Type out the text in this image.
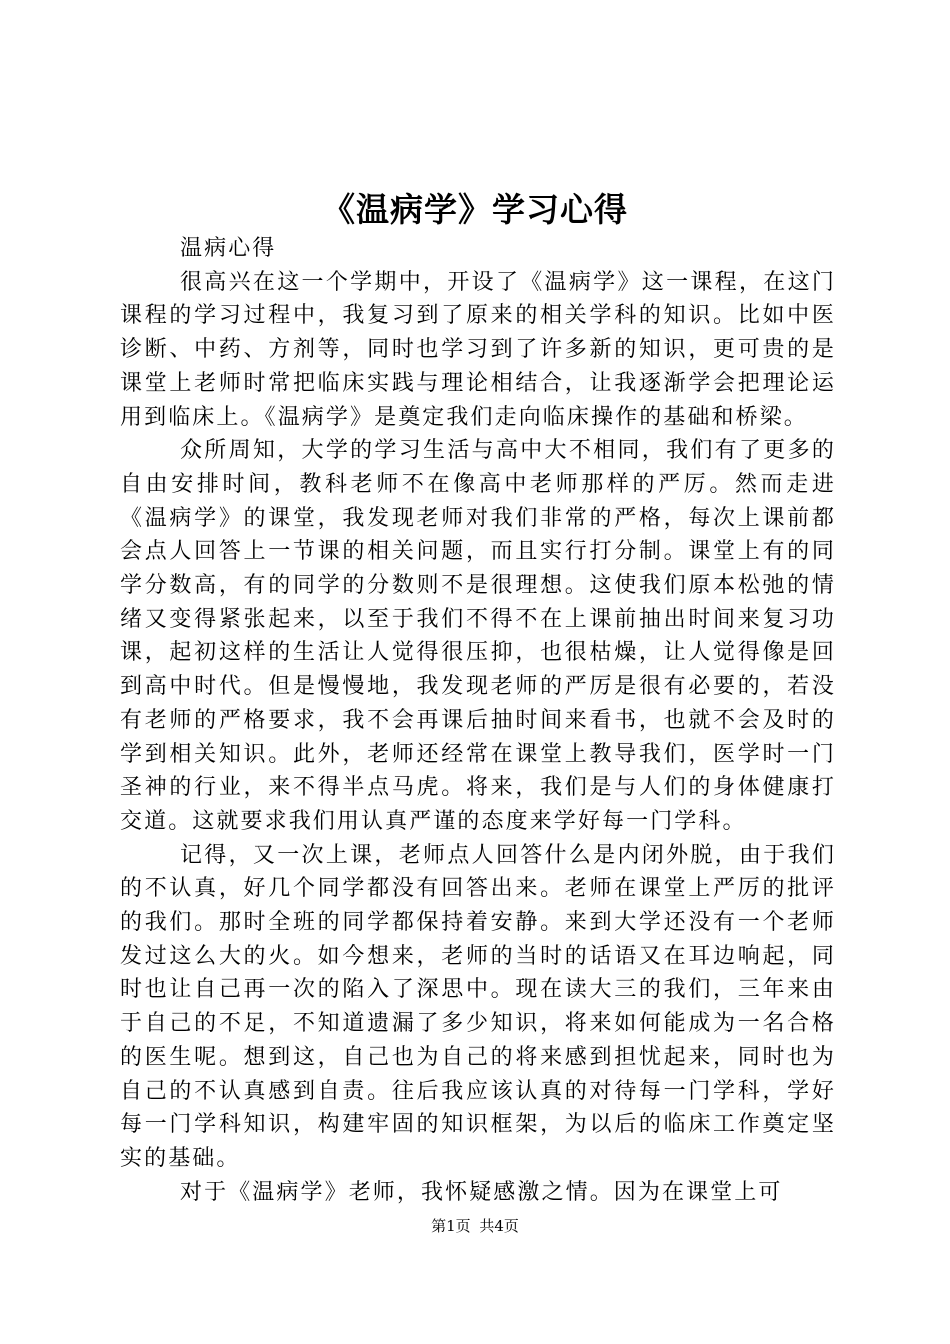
《温病学》学习心得

温病心得

很高兴在这一个学期中，开设了《温病学》这一课程，在这门课程的学习过程中，我复习到了原来的相关学科的知识。比如中医诊断、中药、方剂等，同时也学习到了许多新的知识，更可贵的是课堂上老师时常把临床实践与理论相结合，让我逐渐学会把理论运用到临床上。《温病学》是奠定我们走向临床操作的基础和桥梁。

众所周知，大学的学习生活与高中大不相同，我们有了更多的自由安排时间，教科老师不在像高中老师那样的严厉。然而走进《温病学》的课堂，我发现老师对我们非常的严格，每次上课前都会点人回答上一节课的相关问题，而且实行打分制。课堂上有的同学分数高，有的同学的分数则不是很理想。这使我们原本松弛的情绪又变得紧张起来，以至于我们不得不在上课前抽出时间来复习功课，起初这样的生活让人觉得很压抑，也很枯燥，让人觉得像是回到高中时代。但是慢慢地，我发现老师的严厉是很有必要的，若没有老师的严格要求，我不会再课后抽时间来看书，也就不会及时的学到相关知识。此外，老师还经常在课堂上教导我们，医学时一门圣神的行业，来不得半点马虎。将来，我们是与人们的身体健康打交道。这就要求我们用认真严谨的态度来学好每一门学科。

记得，又一次上课，老师点人回答什么是内闭外脱，由于我们的不认真，好几个同学都没有回答出来。老师在课堂上严厉的批评的我们。那时全班的同学都保持着安静。来到大学还没有一个老师发过这么大的火。如今想来，老师的当时的话语又在耳边响起，同时也让自己再一次的陷入了深思中。现在读大三的我们，三年来由于自己的不足，不知道遗漏了多少知识，将来如何能成为一名合格的医生呢。想到这，自己也为自己的将来感到担忧起来，同时也为自己的不认真感到自责。往后我应该认真的对待每一门学科，学好每一门学科知识，构建牢固的知识框架，为以后的临床工作奠定坚实的基础。

对于《温病学》老师，我怀疑感激之情。因为在课堂上可

第1页 共4页
